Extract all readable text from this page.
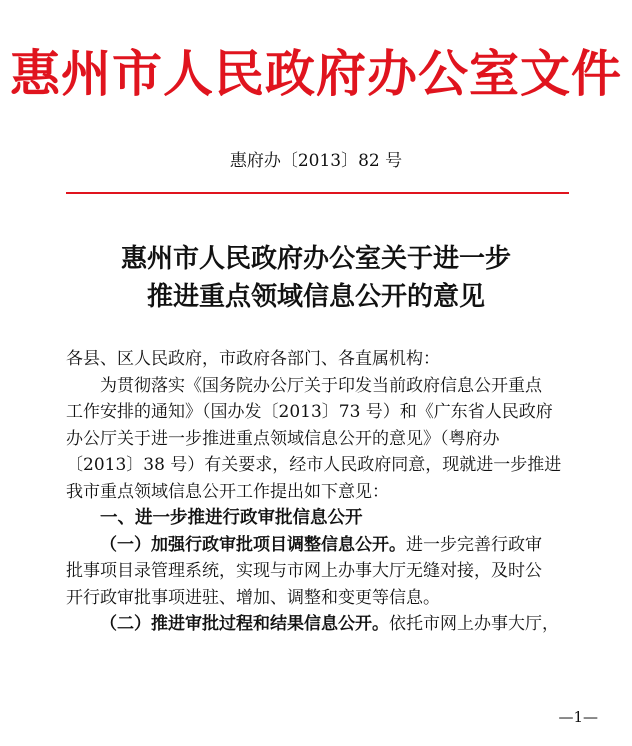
惠州市人民政府办公室文件
惠府办〔2013〕82 号
惠州市人民政府办公室关于进一步
推进重点领域信息公开的意见
各县、区人民政府，市政府各部门、各直属机构：
为贯彻落实《国务院办公厅关于印发当前政府信息公开重点
工作安排的通知》（国办发〔2013〕73 号）和《广东省人民政府
办公厅关于进一步推进重点领域信息公开的意见》（粤府办
〔2013〕38 号）有关要求，经市人民政府同意，现就进一步推进
我市重点领域信息公开工作提出如下意见：
一、进一步推进行政审批信息公开
（一）加强行政审批项目调整信息公开。进一步完善行政审
批事项目录管理系统，实现与市网上办事大厅无缝对接，及时公
开行政审批事项进驻、增加、调整和变更等信息。
（二）推进审批过程和结果信息公开。依托市网上办事大厅，
—1—
